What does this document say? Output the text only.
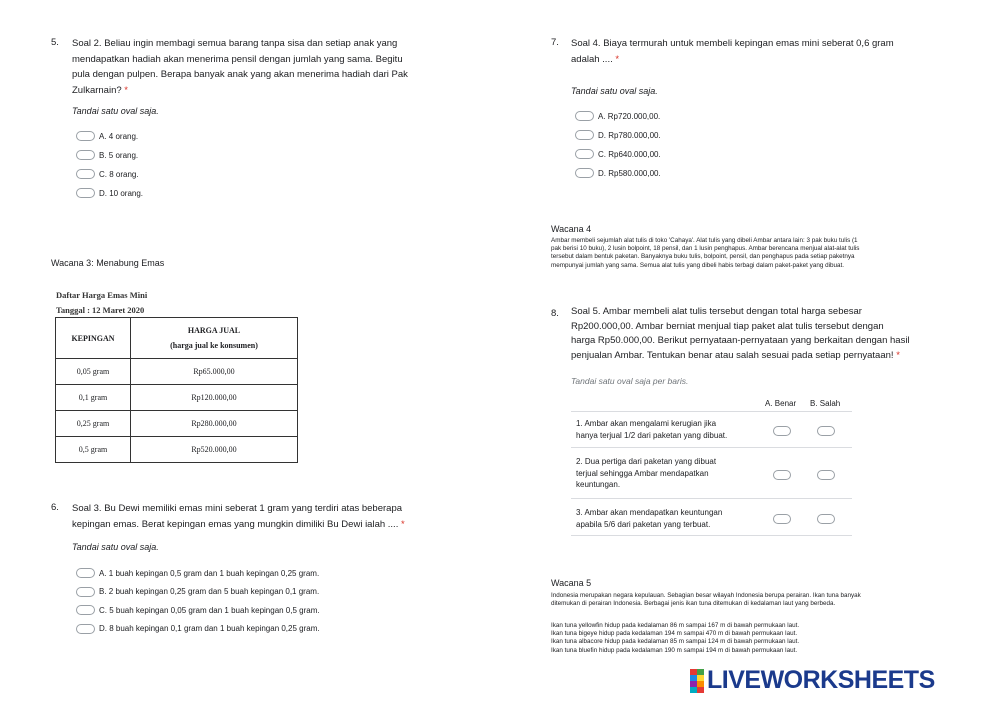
5. Soal 2. Beliau ingin membagi semua barang tanpa sisa dan setiap anak yang
mendapatkan hadiah akan menerima pensil dengan jumlah yang sama. Begitu
pula dengan pulpen. Berapa banyak anak yang akan menerima hadiah dari Pak
Zulkarnain? *
Tandai satu oval saja.
A. 4 orang.
B. 5 orang.
C. 8 orang.
D. 10 orang.
Wacana 3: Menabung Emas
Daftar Harga Emas Mini
Tanggal : 12 Maret 2020
KEPINGAN	HARGA JUAL
(harga jual ke konsumen)

0,05 gram	Rp65.000,00
0,1 gram	Rp120.000,00
0,25 gram	Rp280.000,00
0,5 gram	Rp520.000,00
6. Soal 3. Bu Dewi memiliki emas mini seberat 1 gram yang terdiri atas beberapa
kepingan emas. Berat kepingan emas yang mungkin dimiliki Bu Dewi ialah .... *
Tandai satu oval saja.
A. 1 buah kepingan 0,5 gram dan 1 buah kepingan 0,25 gram.
B. 2 buah kepingan 0,25 gram dan 5 buah kepingan 0,1 gram.
C. 5 buah kepingan 0,05 gram dan 1 buah kepingan 0,5 gram.
D. 8 buah kepingan 0,1 gram dan 1 buah kepingan 0,25 gram.
7. Soal 4. Biaya termurah untuk membeli kepingan emas mini seberat 0,6 gram
adalah .... *
Tandai satu oval saja.
A. Rp720.000,00.
D. Rp780.000,00.
C. Rp640.000,00.
D. Rp580.000,00.
Wacana 4
Ambar membeli sejumlah alat tulis di toko 'Cahaya'. Alat tulis yang dibeli Ambar antara lain: 3 pak buku tulis (1
pak berisi 10 buku), 2 lusin bolpoint, 18 pensil, dan 1 lusin penghapus. Ambar berencana menjual alat-alat tulis
tersebut dalam bentuk paketan. Banyaknya buku tulis, bolpoint, pensil, dan penghapus pada setiap paketnya
mempunyai jumlah yang sama. Semua alat tulis yang dibeli habis terbagi dalam paket-paket yang dibuat.
8. Soal 5. Ambar membeli alat tulis tersebut dengan total harga sebesar
Rp200.000,00. Ambar berniat menjual tiap paket alat tulis tersebut dengan
harga Rp50.000,00. Berikut pernyataan-pernyataan yang berkaitan dengan hasil
penjualan Ambar. Tentukan benar atau salah sesuai pada setiap pernyataan! *
Tandai satu oval saja per baris.
A. Benar B. Salah
1. Ambar akan mengalami kerugian jika
hanya terjual 1/2 dari paketan yang dibuat.
2. Dua pertiga dari paketan yang dibuat
terjual sehingga Ambar mendapatkan
keuntungan.
3. Ambar akan mendapatkan keuntungan
apabila 5/6 dari paketan yang terbuat.
Wacana 5
Indonesia merupakan negara kepulauan. Sebagian besar wilayah Indonesia berupa perairan. Ikan tuna banyak
ditemukan di perairan Indonesia. Berbagai jenis ikan tuna ditemukan di kedalaman laut yang berbeda.
Ikan tuna yellowfin hidup pada kedalaman 86 m sampai 167 m di bawah permukaan laut.
Ikan tuna bigeye hidup pada kedalaman 194 m sampai 470 m di bawah permukaan laut.
Ikan tuna albacore hidup pada kedalaman 85 m sampai 124 m di bawah permukaan laut.
Ikan tuna bluefin hidup pada kedalaman 190 m sampai 194 m di bawah permukaan laut.
LIVEWORKSHEETS
